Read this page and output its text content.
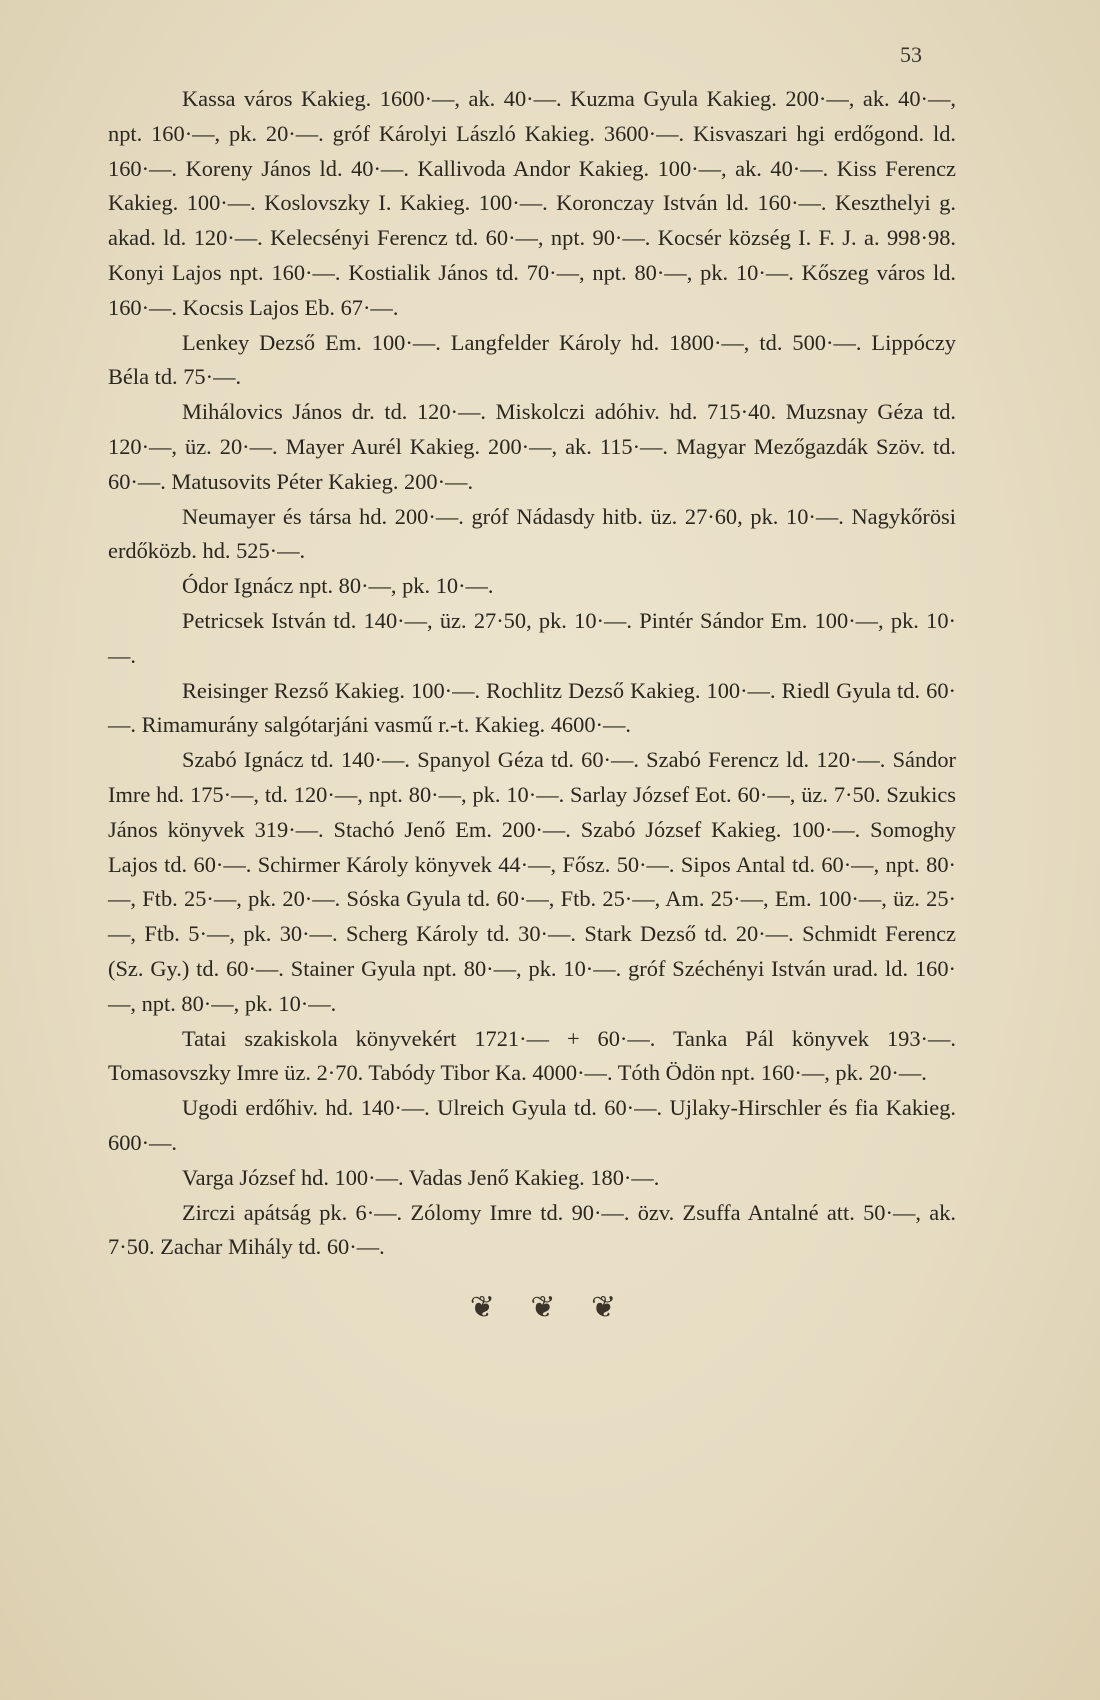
53

Kassa város Kakieg. 1600·—, ak. 40·—. Kuzma Gyula Kakieg. 200·—, ak. 40·—, npt. 160·—, pk. 20·—. gróf Károlyi László Kakieg. 3600·—. Kisvaszari hgi erdőgond. ld. 160·—. Koreny János ld. 40·—. Kallivoda Andor Kakieg. 100·—, ak. 40·—. Kiss Ferencz Kakieg. 100·—. Koslovszky I. Kakieg. 100·—. Koronczay István ld. 160·—. Keszthelyi g. akad. ld. 120·—. Kelecsényi Ferencz td. 60·—, npt. 90·—. Kocsér község I. F. J. a. 998·98. Konyi Lajos npt. 160·—. Kostialik János td. 70·—, npt. 80·—, pk. 10·—. Kőszeg város ld. 160·—. Kocsis Lajos Eb. 67·—.

Lenkey Dezső Em. 100·—. Langfelder Károly hd. 1800·—, td. 500·—. Lippóczy Béla td. 75·—.

Mihálovics János dr. td. 120·—. Miskolczi adóhiv. hd. 715·40. Muzsnay Géza td. 120·—, üz. 20·—. Mayer Aurél Kakieg. 200·—, ak. 115·—. Magyar Mezőgazdák Szöv. td. 60·—. Matusovits Péter Kakieg. 200·—.

Neumayer és társa hd. 200·—. gróf Nádasdy hitb. üz. 27·60, pk. 10·—. Nagykőrösi erdőközb. hd. 525·—.

Ódor Ignácz npt. 80·—, pk. 10·—.

Petricsek István td. 140·—, üz. 27·50, pk. 10·—. Pintér Sándor Em. 100·—, pk. 10·—.

Reisinger Rezső Kakieg. 100·—. Rochlitz Dezső Kakieg. 100·—. Riedl Gyula td. 60·—. Rimamurány salgótarjáni vasmű r.-t. Kakieg. 4600·—.

Szabó Ignácz td. 140·—. Spanyol Géza td. 60·—. Szabó Ferencz ld. 120·—. Sándor Imre hd. 175·—, td. 120·—, npt. 80·—, pk. 10·—. Sarlay József Eot. 60·—, üz. 7·50. Szukics János könyvek 319·—. Stachó Jenő Em. 200·—. Szabó József Kakieg. 100·—. Somoghy Lajos td. 60·—. Schirmer Károly könyvek 44·—, Fősz. 50·—. Sipos Antal td. 60·—, npt. 80·—, Ftb. 25·—, pk. 20·—. Sóska Gyula td. 60·—, Ftb. 25·—, Am. 25·—, Em. 100·—, üz. 25·—, Ftb. 5·—, pk. 30·—. Scherg Károly td. 30·—. Stark Dezső td. 20·—. Schmidt Ferencz (Sz. Gy.) td. 60·—. Stainer Gyula npt. 80·—, pk. 10·—. gróf Széchényi István urad. ld. 160·—, npt. 80·—, pk. 10·—.

Tatai szakiskola könyvekért 1721·— + 60·—. Tanka Pál könyvek 193·—. Tomasovszky Imre üz. 2·70. Tabódy Tibor Ka. 4000·—. Tóth Ödön npt. 160·—, pk. 20·—.

Ugodi erdőhiv. hd. 140·—. Ulreich Gyula td. 60·—. Ujlaky-Hirschler és fia Kakieg. 600·—.

Varga József hd. 100·—. Vadas Jenő Kakieg. 180·—.

Zirczi apátság pk. 6·—. Zólomy Imre td. 90·—. özv. Zsuffa Antalné att. 50·—, ak. 7·50. Zachar Mihály td. 60·—.

❦ ❦ ❦
